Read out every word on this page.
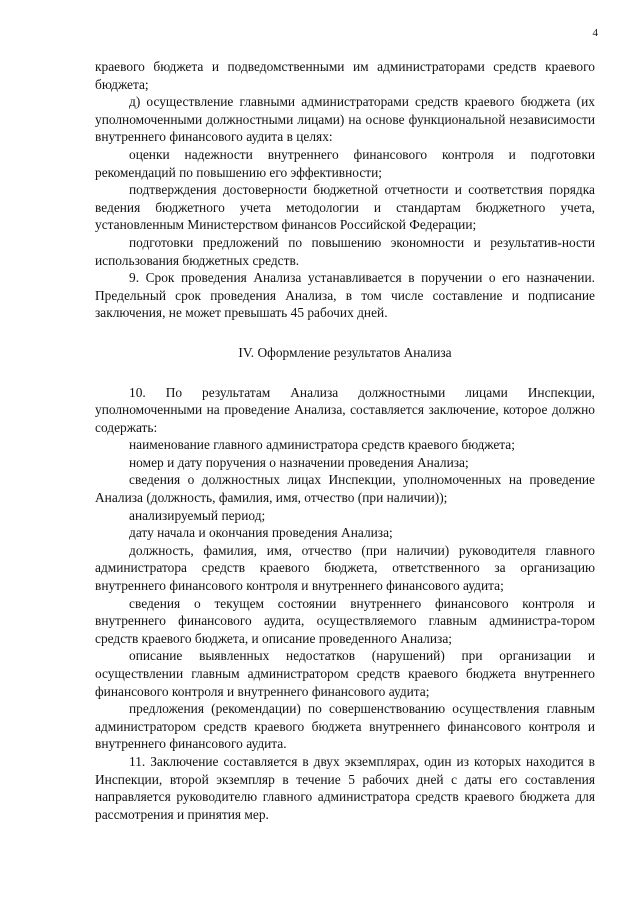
4

краевого бюджета и подведомственными им администраторами средств краевого бюджета;

д) осуществление главными администраторами средств краевого бюджета (их уполномоченными должностными лицами) на основе функциональной независимости внутреннего финансового аудита в целях:

оценки надежности внутреннего финансового контроля и подготовки рекомендаций по повышению его эффективности;

подтверждения достоверности бюджетной отчетности и соответствия порядка ведения бюджетного учета методологии и стандартам бюджетного учета, установленным Министерством финансов Российской Федерации;

подготовки предложений по повышению экономности и результатив-ности использования бюджетных средств.

9. Срок проведения Анализа устанавливается в поручении о его назначении. Предельный срок проведения Анализа, в том числе составление и подписание заключения, не может превышать 45 рабочих дней.

IV. Оформление результатов Анализа

10. По результатам Анализа должностными лицами Инспекции, уполномоченными на проведение Анализа, составляется заключение, которое должно содержать:

наименование главного администратора средств краевого бюджета;

номер и дату поручения о назначении проведения Анализа;

сведения о должностных лицах Инспекции, уполномоченных на проведение Анализа (должность, фамилия, имя, отчество (при наличии));

анализируемый период;

дату начала и окончания проведения Анализа;

должность, фамилия, имя, отчество (при наличии) руководителя главного администратора средств краевого бюджета, ответственного за организацию внутреннего финансового контроля и внутреннего финансового аудита;

сведения о текущем состоянии внутреннего финансового контроля и внутреннего финансового аудита, осуществляемого главным администра-тором средств краевого бюджета, и описание проведенного Анализа;

описание выявленных недостатков (нарушений) при организации и осуществлении главным администратором средств краевого бюджета внутреннего финансового контроля и внутреннего финансового аудита;

предложения (рекомендации) по совершенствованию осуществления главным администратором средств краевого бюджета внутреннего финансового контроля и внутреннего финансового аудита.

11. Заключение составляется в двух экземплярах, один из которых находится в Инспекции, второй экземпляр в течение 5 рабочих дней с даты его составления направляется руководителю главного администратора средств краевого бюджета для рассмотрения и принятия мер.
